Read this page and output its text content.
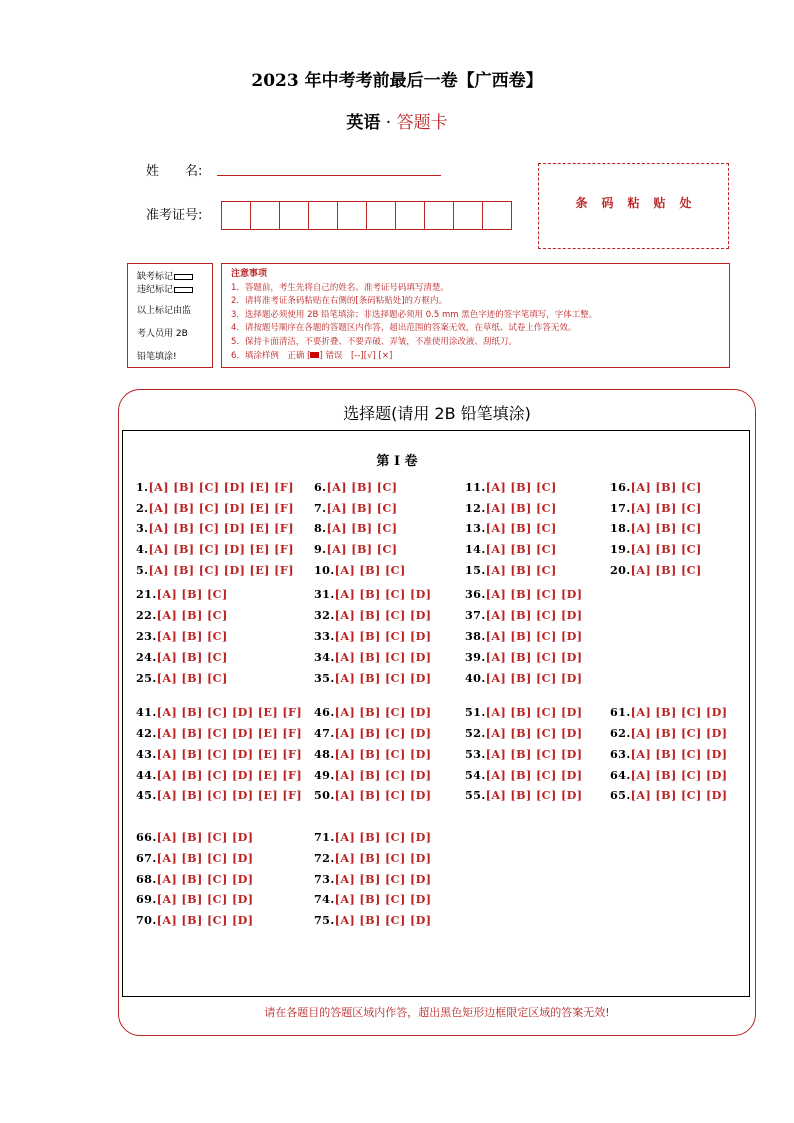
2023 年中考考前最后一卷【广西卷】
英语 · 答题卡
姓　　名:
准考证号:
条码粘贴处
缺考标记
违纪标记
以上标记由监
考人员用 2B
铅笔填涂!
注意事项
1．答题前，考生先将自己的姓名、准考证号码填写清楚。
2．请将准考证条码粘贴在右侧的[条码粘贴处]的方框内。
3．选择题必须使用 2B 铅笔填涂；非选择题必须用 0.5 mm 黑色字迹的签字笔填写，字体工整。
4．请按题号顺序在各题的答题区内作答，超出范围的答案无效，在草纸、试卷上作答无效。
5．保持卡面清洁，不要折叠、不要弄破、弄皱，不准使用涂改液、刮纸刀。
6．填涂样例　正确 [ ] 错误　[--][√] [×]
选择题(请用 2B 铅笔填涂)
第 I 卷
1.[A] [B] [C] [D] [E] [F]
2.[A] [B] [C] [D] [E] [F]
3.[A] [B] [C] [D] [E] [F]
4.[A] [B] [C] [D] [E] [F]
5.[A] [B] [C] [D] [E] [F]
6.[A] [B] [C]
7.[A] [B] [C]
8.[A] [B] [C]
9.[A] [B] [C]
10.[A] [B] [C]
11.[A] [B] [C]
12.[A] [B] [C]
13.[A] [B] [C]
14.[A] [B] [C]
15.[A] [B] [C]
16.[A] [B] [C]
17.[A] [B] [C]
18.[A] [B] [C]
19.[A] [B] [C]
20.[A] [B] [C]
21.[A] [B] [C]
22.[A] [B] [C]
23.[A] [B] [C]
24.[A] [B] [C]
25.[A] [B] [C]
31.[A] [B] [C] [D]
32.[A] [B] [C] [D]
33.[A] [B] [C] [D]
34.[A] [B] [C] [D]
35.[A] [B] [C] [D]
36.[A] [B] [C] [D]
37.[A] [B] [C] [D]
38.[A] [B] [C] [D]
39.[A] [B] [C] [D]
40.[A] [B] [C] [D]
41.[A] [B] [C] [D] [E] [F]
42.[A] [B] [C] [D] [E] [F]
43.[A] [B] [C] [D] [E] [F]
44.[A] [B] [C] [D] [E] [F]
45.[A] [B] [C] [D] [E] [F]
46.[A] [B] [C] [D]
47.[A] [B] [C] [D]
48.[A] [B] [C] [D]
49.[A] [B] [C] [D]
50.[A] [B] [C] [D]
51.[A] [B] [C] [D]
52.[A] [B] [C] [D]
53.[A] [B] [C] [D]
54.[A] [B] [C] [D]
55.[A] [B] [C] [D]
61.[A] [B] [C] [D]
62.[A] [B] [C] [D]
63.[A] [B] [C] [D]
64.[A] [B] [C] [D]
65.[A] [B] [C] [D]
66.[A] [B] [C] [D]
67.[A] [B] [C] [D]
68.[A] [B] [C] [D]
69.[A] [B] [C] [D]
70.[A] [B] [C] [D]
71.[A] [B] [C] [D]
72.[A] [B] [C] [D]
73.[A] [B] [C] [D]
74.[A] [B] [C] [D]
75.[A] [B] [C] [D]
请在各题目的答题区域内作答，超出黑色矩形边框限定区域的答案无效!
